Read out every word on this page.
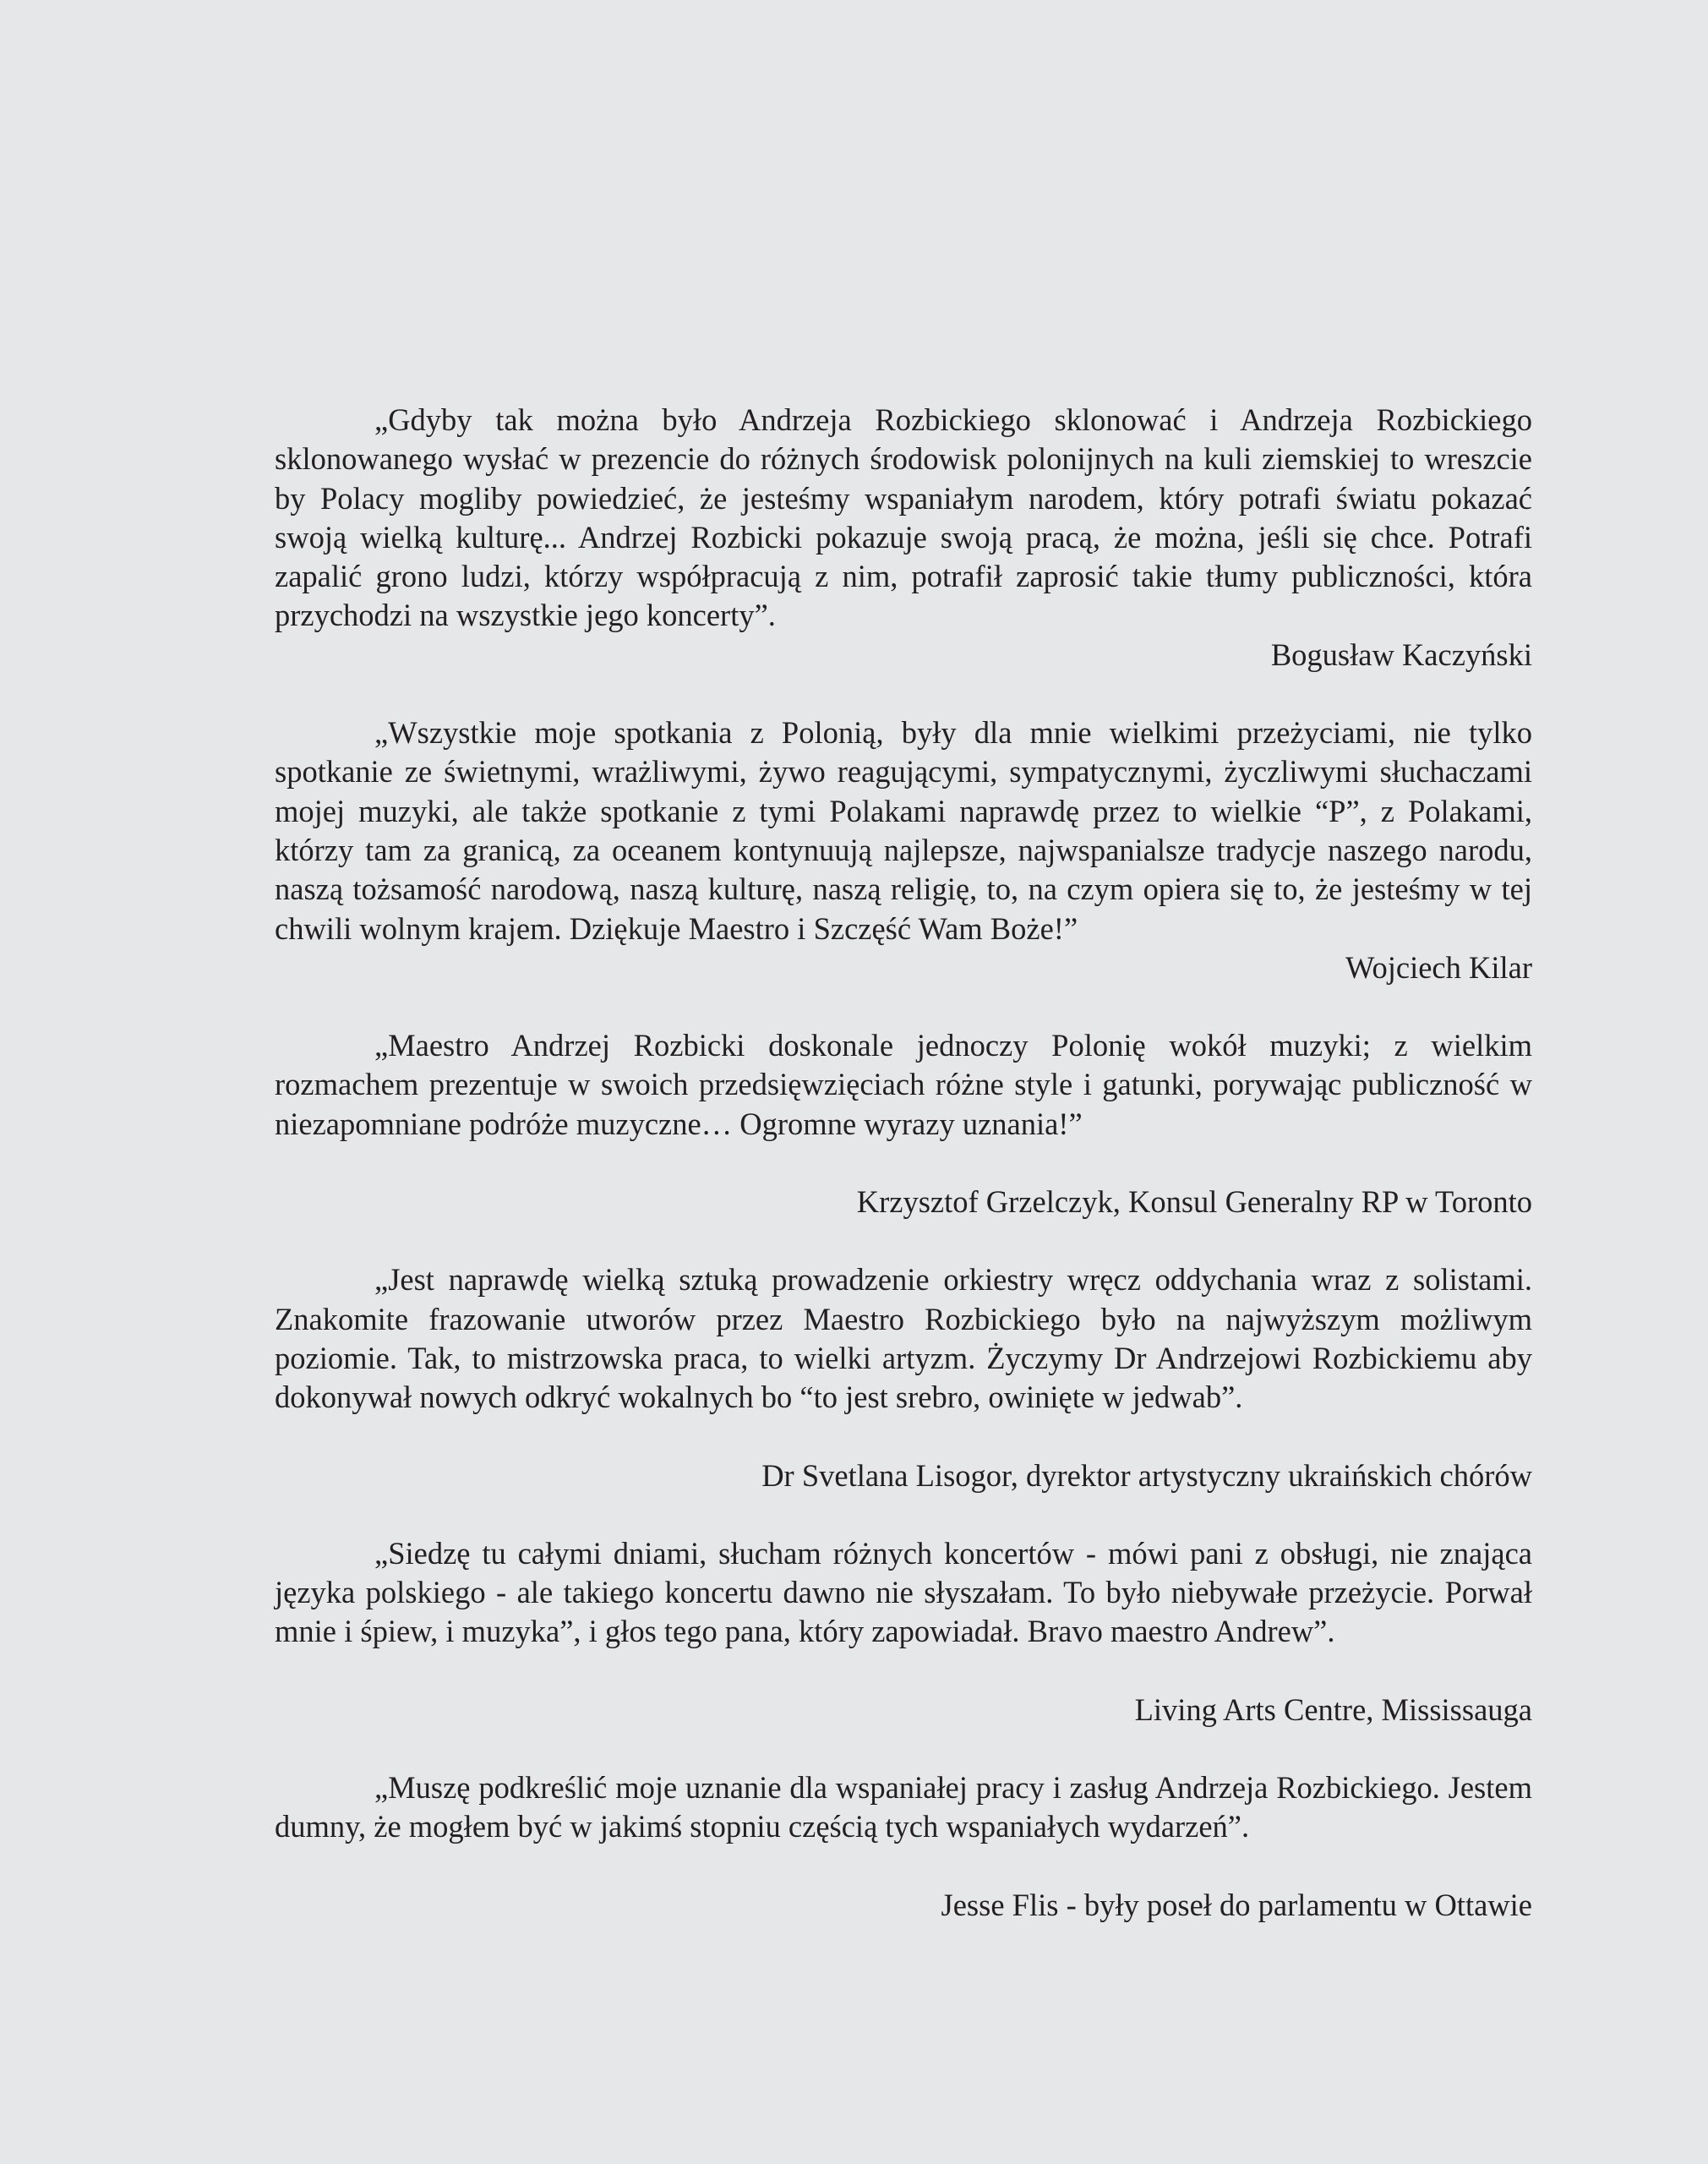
„Gdyby tak można było Andrzeja Rozbickiego sklonować i Andrzeja Rozbickiego sklonowanego wysłać w prezencie do różnych środowisk polonijnych na kuli ziemskiej to wreszcie by Polacy mogliby powiedzieć, że jesteśmy wspaniałym narodem, który potrafi światu pokazać swoją wielką kulturę... Andrzej Rozbicki pokazuje swoją pracą, że można, jeśli się chce. Potrafi zapalić grono ludzi, którzy współpracują z nim, potrafił zaprosić takie tłumy publiczności, która przychodzi na wszystkie jego koncerty”.

Bogusław Kaczyński

„Wszystkie moje spotkania z Polonią, były dla mnie wielkimi przeżyciami, nie tylko spotkanie ze świetnymi, wrażliwymi, żywo reagującymi, sympatycznymi, życzliwymi słuchaczami mojej muzyki, ale także spotkanie z tymi Polakami naprawdę przez to wielkie “P”, z Polakami, którzy tam za granicą, za oceanem kontynuują najlepsze, najwspanialsze tradycje naszego narodu, naszą tożsamość narodową, naszą kulturę, naszą religię, to, na czym opiera się to, że jesteśmy w tej chwili wolnym krajem. Dziękuje Maestro i Szczęść Wam Boże!”

Wojciech Kilar

„Maestro Andrzej Rozbicki doskonale jednoczy Polonię wokół muzyki; z wielkim rozmachem prezentuje w swoich przedsięwzięciach różne style i gatunki, porywając publiczność w niezapomniane podróże muzyczne… Ogromne wyrazy uznania!”

Krzysztof Grzelczyk, Konsul Generalny RP w Toronto

„Jest naprawdę wielką sztuką prowadzenie orkiestry wręcz oddychania wraz z solistami. Znakomite frazowanie utworów przez Maestro Rozbickiego było na najwyższym możliwym poziomie. Tak, to mistrzowska praca, to wielki artyzm. Życzymy Dr Andrzejowi Rozbickiemu aby dokonywał nowych odkryć wokalnych bo “to jest srebro, owinięte w jedwab”.

Dr Svetlana Lisogor, dyrektor artystyczny ukraińskich chórów

„Siedzę tu całymi dniami, słucham różnych koncertów - mówi pani z obsługi, nie znająca języka polskiego - ale takiego koncertu dawno nie słyszałam. To było niebywałe przeżycie. Porwał mnie i śpiew, i muzyka”, i głos tego pana, który zapowiadał. Bravo maestro Andrew”.

Living Arts Centre, Mississauga

„Muszę podkreślić moje uznanie dla wspaniałej pracy i zasług Andrzeja Rozbickiego. Jestem dumny, że mogłem być w jakimś stopniu częścią tych wspaniałych wydarzeń”.

Jesse Flis - były poseł do parlamentu w Ottawie
